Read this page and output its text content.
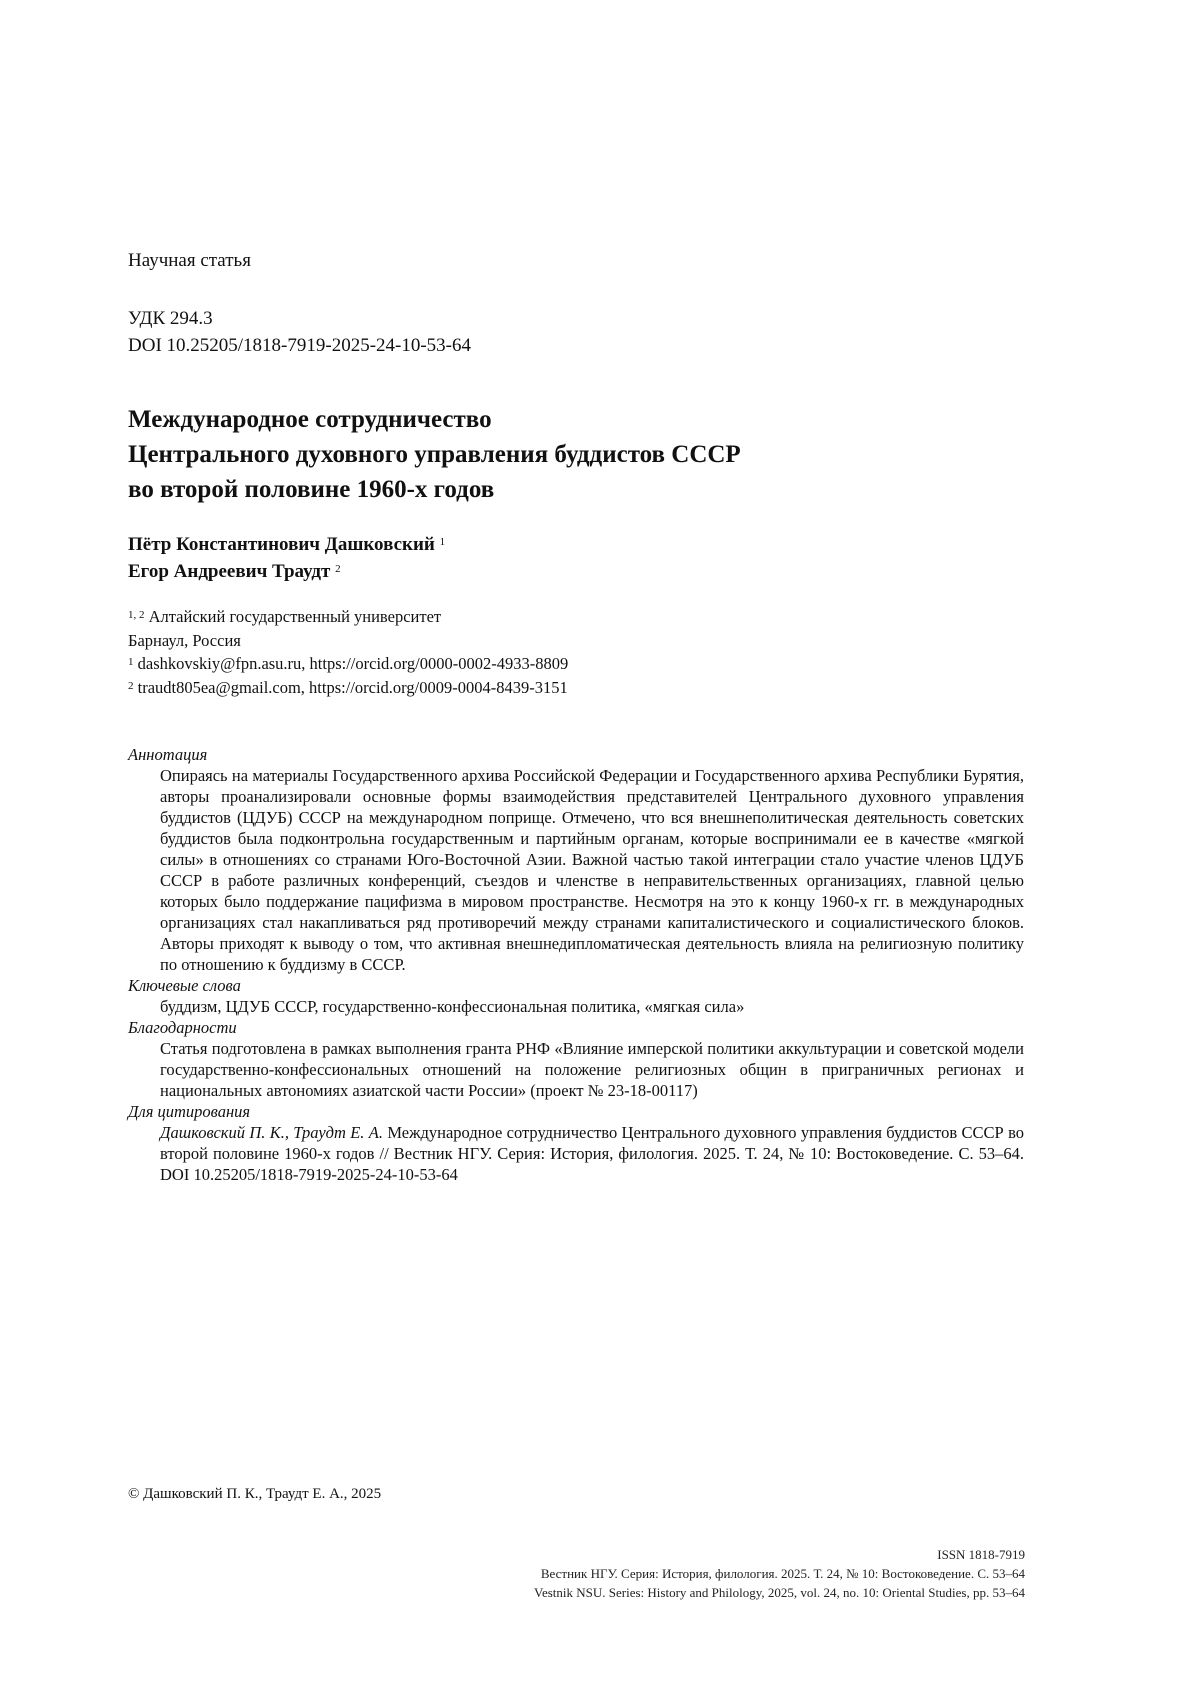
Научная статья
УДК 294.3
DOI 10.25205/1818-7919-2025-24-10-53-64
Международное сотрудничество
Центрального духовного управления буддистов СССР
во второй половине 1960-х годов
Пётр Константинович Дашковский $^1$
Егор Андреевич Траудт $^2$
$^{1, 2}$ Алтайский государственный университет
Барнаул, Россия
$^1$ dashkovskiy@fpn.asu.ru, https://orcid.org/0000-0002-4933-8809
$^2$ traudt805ea@gmail.com, https://orcid.org/0009-0004-8439-3151
Аннотация
Опираясь на материалы Государственного архива Российской Федерации и Государственного архива Республики Бурятия, авторы проанализировали основные формы взаимодействия представителей Центрального духовного управления буддистов (ЦДУБ) СССР на международном поприще. Отмечено, что вся внешнеполитическая деятельность советских буддистов была подконтрольна государственным и партийным органам, которые воспринимали ее в качестве «мягкой силы» в отношениях со странами Юго-Восточной Азии. Важной частью такой интеграции стало участие членов ЦДУБ СССР в работе различных конференций, съездов и членстве в неправительственных организациях, главной целью которых было поддержание пацифизма в мировом пространстве. Несмотря на это к концу 1960-х гг. в международных организациях стал накапливаться ряд противоречий между странами капиталистического и социалистического блоков. Авторы приходят к выводу о том, что активная внешнедипломатическая деятельность влияла на религиозную политику по отношению к буддизму в СССР.
Ключевые слова
буддизм, ЦДУБ СССР, государственно-конфессиональная политика, «мягкая сила»
Благодарности
Статья подготовлена в рамках выполнения гранта РНФ «Влияние имперской политики аккультурации и советской модели государственно-конфессиональных отношений на положение религиозных общин в приграничных регионах и национальных автономиях азиатской части России» (проект № 23-18-00117)
Для цитирования
Дашковский П. К., Траудт Е. А. Международное сотрудничество Центрального духовного управления буддистов СССР во второй половине 1960-х годов // Вестник НГУ. Серия: История, филология. 2025. Т. 24, № 10: Востоковедение. С. 53–64. DOI 10.25205/1818-7919-2025-24-10-53-64
© Дашковский П. К., Траудт Е. А., 2025
ISSN 1818-7919
Вестник НГУ. Серия: История, филология. 2025. Т. 24, № 10: Востоковедение. С. 53–64
Vestnik NSU. Series: History and Philology, 2025, vol. 24, no. 10: Oriental Studies, pp. 53–64
